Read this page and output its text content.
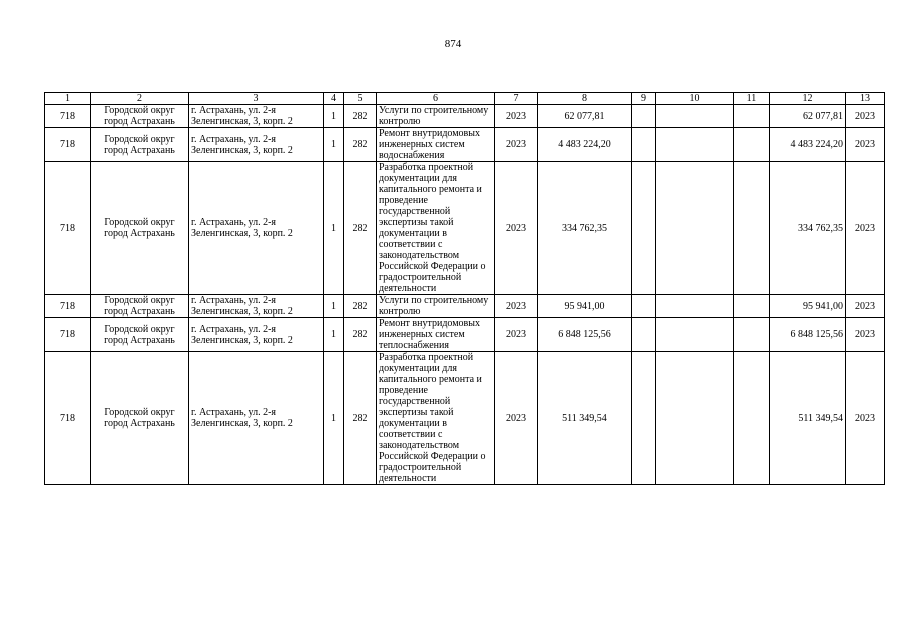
874
1	2	3	4	5	6	7	8	9	10	11	12	13
718	Городской округ город Астрахань	г. Астрахань, ул. 2-я Зеленгинская, 3, корп. 2	1	282	Услуги по строительному контролю	2023	62 077,81				62 077,81	2023
718	Городской округ город Астрахань	г. Астрахань, ул. 2-я Зеленгинская, 3, корп. 2	1	282	Ремонт внутридомовых инженерных систем водоснабжения	2023	4 483 224,20				4 483 224,20	2023
718	Городской округ город Астрахань	г. Астрахань, ул. 2-я Зеленгинская, 3, корп. 2	1	282	Разработка проектной документации для капитального ремонта и проведение государственной экспертизы такой документации в соответствии с законодательством Российской Федерации о градостроительной деятельности	2023	334 762,35				334 762,35	2023
718	Городской округ город Астрахань	г. Астрахань, ул. 2-я Зеленгинская, 3, корп. 2	1	282	Услуги по строительному контролю	2023	95 941,00				95 941,00	2023
718	Городской округ город Астрахань	г. Астрахань, ул. 2-я Зеленгинская, 3, корп. 2	1	282	Ремонт внутридомовых инженерных систем теплоснабжения	2023	6 848 125,56				6 848 125,56	2023
718	Городской округ город Астрахань	г. Астрахань, ул. 2-я Зеленгинская, 3, корп. 2	1	282	Разработка проектной документации для капитального ремонта и проведение государственной экспертизы такой документации в соответствии с законодательством Российской Федерации о градостроительной деятельности	2023	511 349,54				511 349,54	2023
